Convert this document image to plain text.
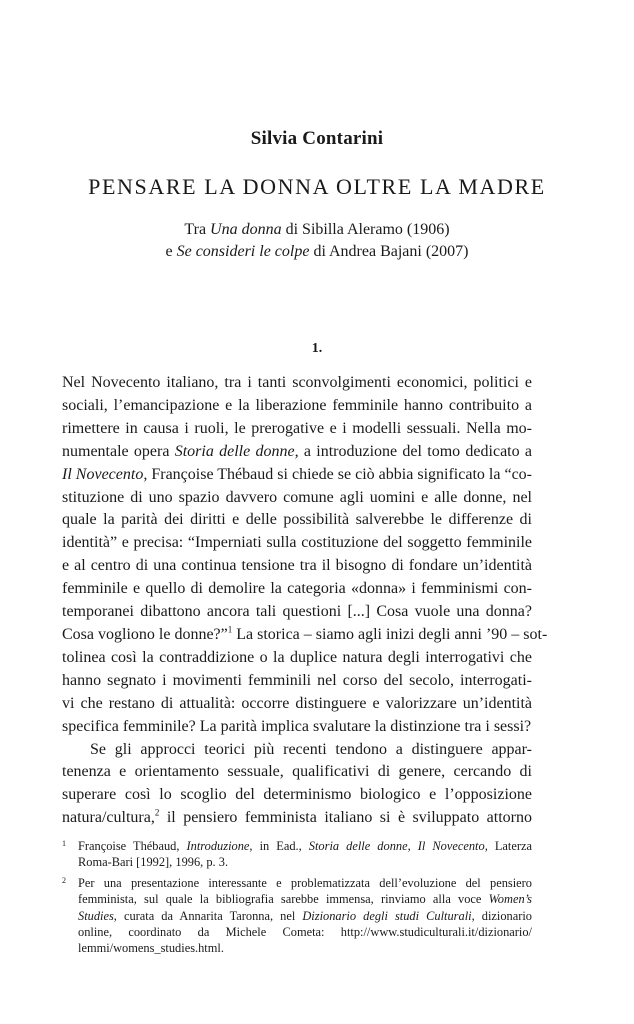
Silvia Contarini
PENSARE LA DONNA OLTRE LA MADRE
Tra Una donna di Sibilla Aleramo (1906)
e Se consideri le colpe di Andrea Bajani (2007)
1.
Nel Novecento italiano, tra i tanti sconvolgimenti economici, politici e
sociali, l’emancipazione e la liberazione femminile hanno contribuito a
rimettere in causa i ruoli, le prerogative e i modelli sessuali. Nella mo-
numentale opera Storia delle donne, a introduzione del tomo dedicato a
Il Novecento, Françoise Thébaud si chiede se ciò abbia significato la “co-
stituzione di uno spazio davvero comune agli uomini e alle donne, nel
quale la parità dei diritti e delle possibilità salverebbe le differenze di
identità” e precisa: “Imperniati sulla costituzione del soggetto femminile
e al centro di una continua tensione tra il bisogno di fondare un’identità
femminile e quello di demolire la categoria «donna» i femminismi con-
temporanei dibattono ancora tali questioni [...] Cosa vuole una donna?
Cosa vogliono le donne?”$^1$ La storica – siamo agli inizi degli anni ’90 – sot-
tolinea così la contraddizione o la duplice natura degli interrogativi che
hanno segnato i movimenti femminili nel corso del secolo, interrogati-
vi che restano di attualità: occorre distinguere e valorizzare un’identità
specifica femminile? La parità implica svalutare la distinzione tra i sessi?
Se gli approcci teorici più recenti tendono a distinguere appar-
tenenza e orientamento sessuale, qualificativi di genere, cercando di
superare così lo scoglio del determinismo biologico e l’opposizione
natura/cultura,$^2$ il pensiero femminista italiano si è sviluppato attorno
1 Françoise Thébaud, Introduzione, in Ead., Storia delle donne, Il Novecento, Laterza
Roma-Bari [1992], 1996, p. 3.
2 Per una presentazione interessante e problematizzata dell’evoluzione del pensiero
femminista, sul quale la bibliografia sarebbe immensa, rinviamo alla voce Women’s
Studies, curata da Annarita Taronna, nel Dizionario degli studi Culturali, dizionario
online, coordinato da Michele Cometa: http://www.studiculturali.it/dizionario/
lemmi/womens_studies.html.
